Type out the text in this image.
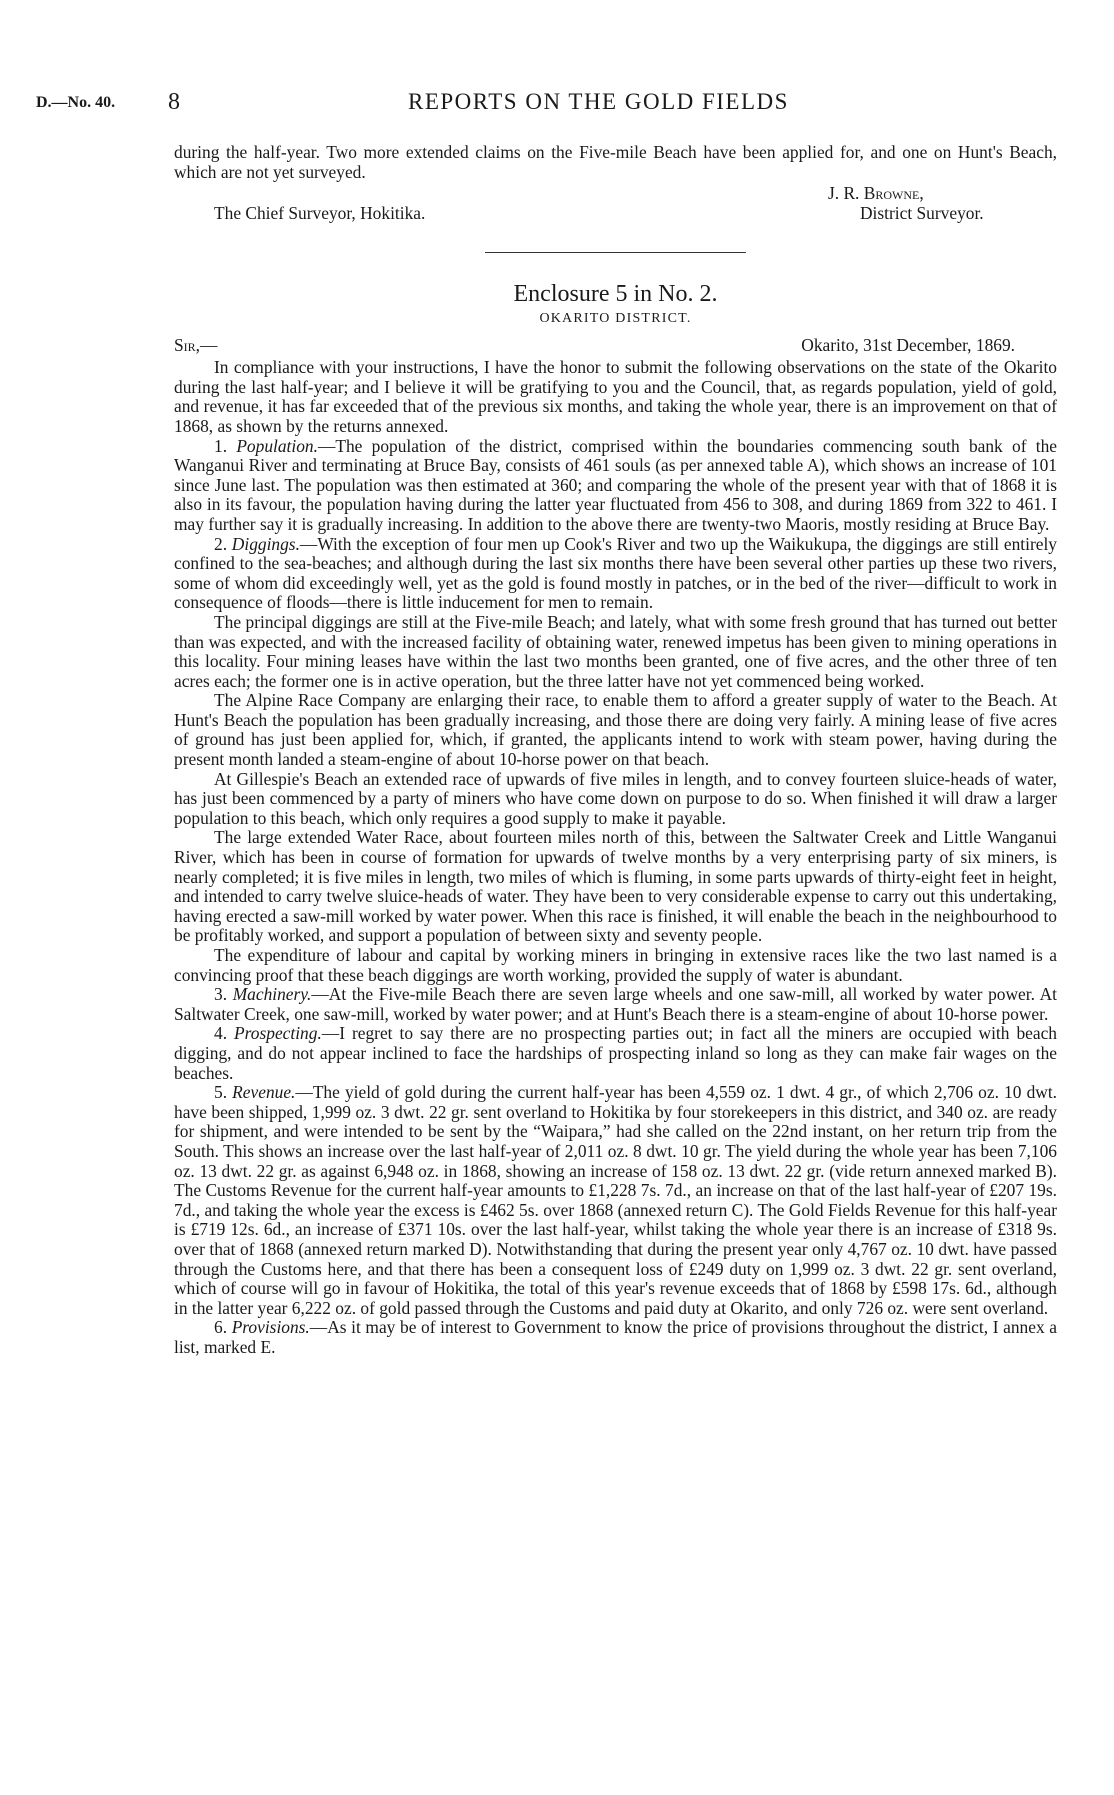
D.—No. 40. 8	REPORTS ON THE GOLD FIELDS

during the half-year. Two more extended claims on the Five-mile Beach have been applied for, and one on Hunt's Beach, which are not yet surveyed.

J. R. Browne,
District Surveyor.
The Chief Surveyor, Hokitika.
Enclosure 5 in No. 2.
OKARITO DISTRICT.
Sir,—	Okarito, 31st December, 1869.

In compliance with your instructions, I have the honor to submit the following observations on the state of the Okarito during the last half-year; and I believe it will be gratifying to you and the Council, that, as regards population, yield of gold, and revenue, it has far exceeded that of the previous six months, and taking the whole year, there is an improvement on that of 1868, as shown by the returns annexed.

1. Population.—The population of the district, comprised within the boundaries commencing south bank of the Wanganui River and terminating at Bruce Bay, consists of 461 souls (as per annexed table A), which shows an increase of 101 since June last. The population was then estimated at 360; and comparing the whole of the present year with that of 1868 it is also in its favour, the population having during the latter year fluctuated from 456 to 308, and during 1869 from 322 to 461. I may further say it is gradually increasing. In addition to the above there are twenty-two Maoris, mostly residing at Bruce Bay.

2. Diggings.—With the exception of four men up Cook's River and two up the Waikukupa, the diggings are still entirely confined to the sea-beaches; and although during the last six months there have been several other parties up these two rivers, some of whom did exceedingly well, yet as the gold is found mostly in patches, or in the bed of the river—difficult to work in consequence of floods—there is little inducement for men to remain.

The principal diggings are still at the Five-mile Beach; and lately, what with some fresh ground that has turned out better than was expected, and with the increased facility of obtaining water, renewed impetus has been given to mining operations in this locality. Four mining leases have within the last two months been granted, one of five acres, and the other three of ten acres each; the former one is in active operation, but the three latter have not yet commenced being worked.

The Alpine Race Company are enlarging their race, to enable them to afford a greater supply of water to the Beach. At Hunt's Beach the population has been gradually increasing, and those there are doing very fairly. A mining lease of five acres of ground has just been applied for, which, if granted, the applicants intend to work with steam power, having during the present month landed a steam-engine of about 10-horse power on that beach.

At Gillespie's Beach an extended race of upwards of five miles in length, and to convey fourteen sluice-heads of water, has just been commenced by a party of miners who have come down on purpose to do so. When finished it will draw a larger population to this beach, which only requires a good supply to make it payable.

The large extended Water Race, about fourteen miles north of this, between the Saltwater Creek and Little Wanganui River, which has been in course of formation for upwards of twelve months by a very enterprising party of six miners, is nearly completed; it is five miles in length, two miles of which is fluming, in some parts upwards of thirty-eight feet in height, and intended to carry twelve sluice-heads of water. They have been to very considerable expense to carry out this undertaking, having erected a saw-mill worked by water power. When this race is finished, it will enable the beach in the neighbourhood to be profitably worked, and support a population of between sixty and seventy people.

The expenditure of labour and capital by working miners in bringing in extensive races like the two last named is a convincing proof that these beach diggings are worth working, provided the supply of water is abundant.

3. Machinery.—At the Five-mile Beach there are seven large wheels and one saw-mill, all worked by water power. At Saltwater Creek, one saw-mill, worked by water power; and at Hunt's Beach there is a steam-engine of about 10-horse power.

4. Prospecting.—I regret to say there are no prospecting parties out; in fact all the miners are occupied with beach digging, and do not appear inclined to face the hardships of prospecting inland so long as they can make fair wages on the beaches.

5. Revenue.—The yield of gold during the current half-year has been 4,559 oz. 1 dwt. 4 gr., of which 2,706 oz. 10 dwt. have been shipped, 1,999 oz. 3 dwt. 22 gr. sent overland to Hokitika by four storekeepers in this district, and 340 oz. are ready for shipment, and were intended to be sent by the “Waipara,” had she called on the 22nd instant, on her return trip from the South. This shows an increase over the last half-year of 2,011 oz. 8 dwt. 10 gr. The yield during the whole year has been 7,106 oz. 13 dwt. 22 gr. as against 6,948 oz. in 1868, showing an increase of 158 oz. 13 dwt. 22 gr. (vide return annexed marked B). The Customs Revenue for the current half-year amounts to £1,228 7s. 7d., an increase on that of the last half-year of £207 19s. 7d., and taking the whole year the excess is £462 5s. over 1868 (annexed return C). The Gold Fields Revenue for this half-year is £719 12s. 6d., an increase of £371 10s. over the last half-year, whilst taking the whole year there is an increase of £318 9s. over that of 1868 (annexed return marked D). Notwithstanding that during the present year only 4,767 oz. 10 dwt. have passed through the Customs here, and that there has been a consequent loss of £249 duty on 1,999 oz. 3 dwt. 22 gr. sent overland, which of course will go in favour of Hokitika, the total of this year's revenue exceeds that of 1868 by £598 17s. 6d., although in the latter year 6,222 oz. of gold passed through the Customs and paid duty at Okarito, and only 726 oz. were sent overland.

6. Provisions.—As it may be of interest to Government to know the price of provisions throughout the district, I annex a list, marked E.
